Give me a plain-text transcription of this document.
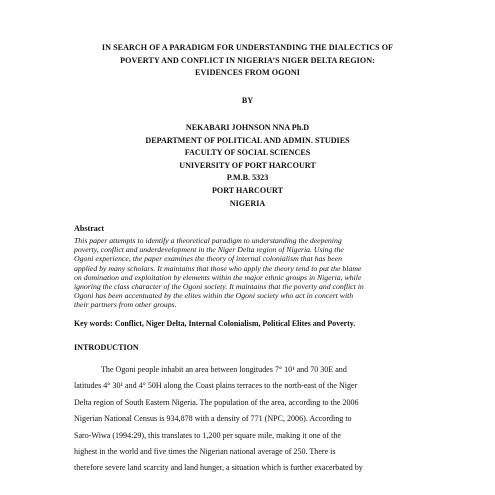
IN SEARCH OF A PARADIGM FOR UNDERSTANDING THE DIALECTICS OF
POVERTY AND CONFLICT IN NIGERIA’S NIGER DELTA REGION:
EVIDENCES FROM OGONI
BY
NEKABARI JOHNSON NNA Ph.D
DEPARTMENT OF POLITICAL AND ADMIN. STUDIES
FACULTY OF SOCIAL SCIENCES
UNIVERSITY OF PORT HARCOURT
P.M.B. 5323
PORT HARCOURT
NIGERIA
Abstract
This paper attempts to identify a theoretical paradigm to understanding the deepening
poverty, conflict and underdevelopment in the Niger Delta region of Nigeria. Using the
Ogoni experience, the paper examines the theory of internal colonialism that has been
applied by many scholars. It maintains that those who apply the theory tend to put the blame
on domination and exploitation by elements within the major ethnic groups in Nigeria, while
ignoring the class character of the Ogoni society. It maintains that the poverty and conflict in
Ogoni has been accentuated by the elites within the Ogoni society who act in concert with
their partners from other groups.
Key words: Conflict, Niger Delta, Internal Colonialism, Political Elites and Poverty.
INTRODUCTION
The Ogoni people inhabit an area between longitudes 7° 10¹ and 70 30E and
latitudes 4° 30¹ and 4° 50H along the Coast plains terraces to the north-east of the Niger
Delta region of South Eastern Nigeria. The population of the area, according to the 2006
Nigerian National Census is 934,878 with a density of 771 (NPC, 2006). According to
Saro-Wiwa (1994:29), this translates to 1,200 per square mile, making it one of the
highest in the world and five times the Nigerian national average of 250. There is
therefore severe land scarcity and land hunger, a situation which is further exacerbated by
